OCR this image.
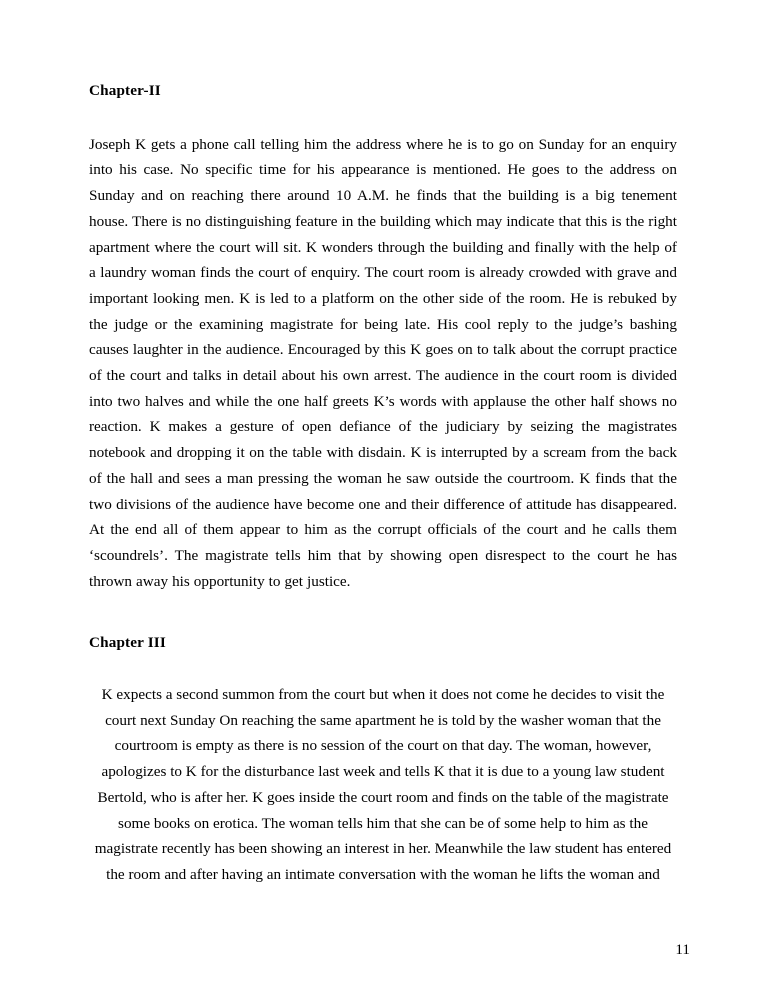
Chapter-II

Joseph K gets a phone call telling him the address where he is to go on Sunday for an enquiry into his case. No specific time for his appearance is mentioned. He goes to the address on Sunday and on reaching there around 10 A.M. he finds that the building is a big tenement house. There is no distinguishing feature in the building which may indicate that this is the right apartment where the court will sit. K wonders through the building and finally with the help of a laundry woman finds the court of enquiry. The court room is already crowded with grave and important looking men. K is led to a platform on the other side of the room. He is rebuked by the judge or the examining magistrate for being late. His cool reply to the judge’s bashing causes laughter in the audience. Encouraged by this K goes on to talk about the corrupt practice of the court and talks in detail about his own arrest. The audience in the court room is divided into two halves and while the one half greets K’s words with applause the other half shows no reaction. K makes a gesture of open defiance of the judiciary by seizing the magistrates notebook and dropping it on the table with disdain. K is interrupted by a scream from the back of the hall and sees a man pressing the woman he saw outside the courtroom. K finds that the two divisions of the audience have become one and their difference of attitude has disappeared. At the end all of them appear to him as the corrupt officials of the court and he calls them ‘scoundrels’. The magistrate tells him that by showing open disrespect to the court he has thrown away his opportunity to get justice.

Chapter III

K expects a second summon from the court but when it does not come he decides to visit the court next Sunday On reaching the same apartment he is told by the washer woman that the courtroom is empty as there is no session of the court on that day. The woman, however, apologizes to K for the disturbance last week and tells K that it is due to a young law student Bertold, who is after her. K goes inside the court room and finds on the table of the magistrate some books on erotica. The woman tells him that she can be of some help to him as the magistrate recently has been showing an interest in her. Meanwhile the law student has entered the room and after having an intimate conversation with the woman he lifts the woman and

11
